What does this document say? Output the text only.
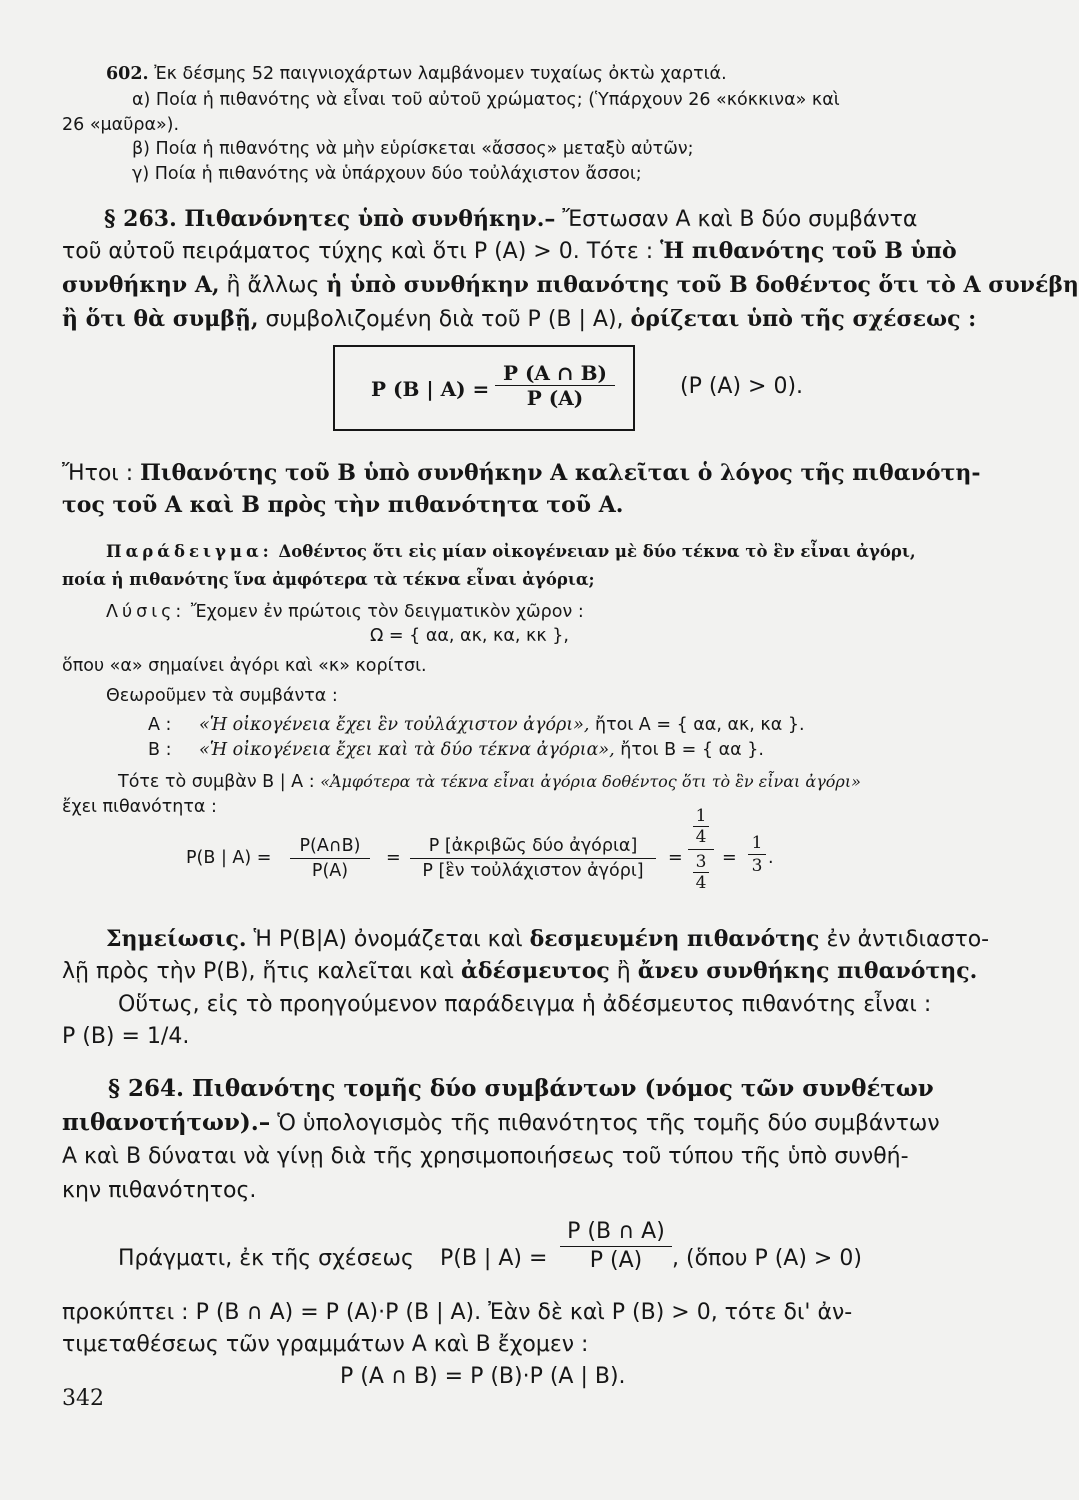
602. Ἐκ δέσμης 52 παιγνιοχάρτων λαμβάνομεν τυχαίως ὀκτὼ χαρτιά.
α) Ποία ἡ πιθανότης νὰ εἶναι τοῦ αὐτοῦ χρώματος; (Ὑπάρχουν 26 «κόκκινα» καὶ
26 «μαῦρα»).
β) Ποία ἡ πιθανότης νὰ μὴν εὑρίσκεται «ἄσσος» μεταξὺ αὐτῶν;
γ) Ποία ἡ πιθανότης νὰ ὑπάρχουν δύο τοὐλάχιστον ἄσσοι;
§ 263. Πιθανόνητες ὑπὸ συνθήκην.– Ἔστωσαν Α καὶ Β δύο συμβάντα
τοῦ αὐτοῦ πειράματος τύχης καὶ ὅτι P (A) > 0. Τότε : Ἡ πιθανότης τοῦ Β ὑπὸ
συνθήκην Α, ἢ ἄλλως ἡ ὑπὸ συνθήκην πιθανότης τοῦ Β δοθέντος ὅτι τὸ Α συνέβη
ἢ ὅτι θὰ συμβῇ, συμβολιζομένη διὰ τοῦ P (B | A), ὁρίζεται ὑπὸ τῆς σχέσεως :
P (B | A) =
P (A ∩ B)
P (A)	(P (A) > 0).
Ἤτοι : Πιθανότης τοῦ Β ὑπὸ συνθήκην Α καλεῖται ὁ λόγος τῆς πιθανότη-
τος τοῦ Α καὶ Β πρὸς τὴν πιθανότητα τοῦ Α.
Παράδειγμα: Δοθέντος ὅτι εἰς μίαν οἰκογένειαν μὲ δύο τέκνα τὸ ἓν εἶναι ἀγόρι,
ποία ἡ πιθανότης ἵνα ἀμφότερα τὰ τέκνα εἶναι ἀγόρια;
Λύσις: Ἔχομεν ἐν πρώτοις τὸν δειγματικὸν χῶρον :
Ω = { αα, ακ, κα, κκ },
ὅπου «α» σημαίνει ἀγόρι καὶ «κ» κορίτσι.
Θεωροῦμεν τὰ συμβάντα :
Α : «Ἡ οἰκογένεια ἔχει ἓν τοὐλάχιστον ἀγόρι», ἤτοι Α = { αα, ακ, κα }.
Β : «Ἡ οἰκογένεια ἔχει καὶ τὰ δύο τέκνα ἀγόρια», ἤτοι Β = { αα }.
Τότε τὸ συμβὰν Β | Α : «Ἀμφότερα τὰ τέκνα εἶναι ἀγόρια δοθέντος ὅτι τὸ ἓν εἶναι ἀγόρι»
ἔχει πιθανότητα :
P(B | A) =
P(A∩B)
P(A)
=
P [ἀκριβῶς δύο ἀγόρια]
P [ἓν τοὐλάχιστον ἀγόρι]
=
1
4
3
4
=
1
3 .
Σημείωσις. Ἡ P(B|A) ὀνομάζεται καὶ δεσμευμένη πιθανότης ἐν ἀντιδιαστο-
λῇ πρὸς τὴν P(B), ἥτις καλεῖται καὶ ἀδέσμευτος ἢ ἄνευ συνθήκης πιθανότης.
Οὕτως, εἰς τὸ προηγούμενον παράδειγμα ἡ ἀδέσμευτος πιθανότης εἶναι :
P (B) = 1/4.
§ 264. Πιθανότης τομῆς δύο συμβάντων (νόμος τῶν συνθέτων
πιθανοτήτων).– Ὁ ὑπολογισμὸς τῆς πιθανότητος τῆς τομῆς δύο συμβάντων
Α καὶ Β δύναται νὰ γίνῃ διὰ τῆς χρησιμοποιήσεως τοῦ τύπου τῆς ὑπὸ συνθή-
κην πιθανότητος.
Πράγματι, ἐκ τῆς σχέσεως P(B | A) =
P (B ∩ A)
P (A)	, (ὅπου P (A) > 0)
προκύπτει : P (B ∩ A) = P (A)·P (B | A). Ἐὰν δὲ καὶ P (B) > 0, τότε δι' ἀν-
τιμεταθέσεως τῶν γραμμάτων Α καὶ Β ἔχομεν :
P (A ∩ B) = P (B)·P (A | B).
342
